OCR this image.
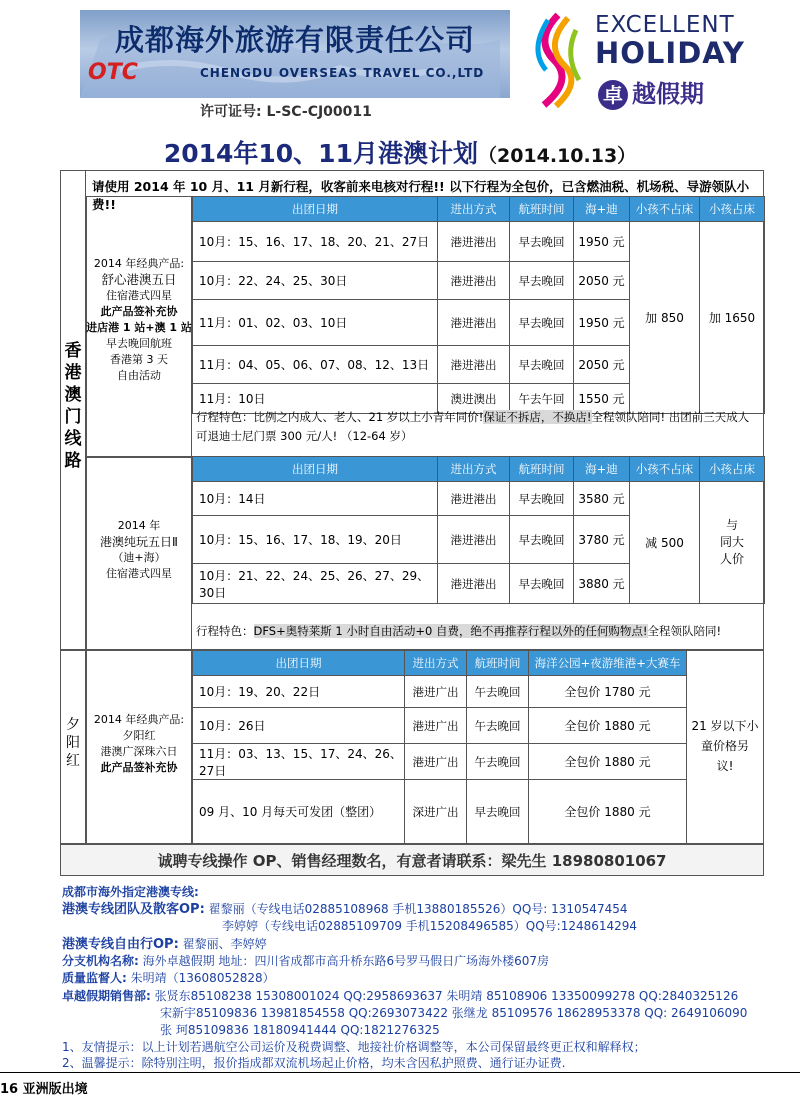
OTC
成都海外旅游有限责任公司
CHENGDU OVERSEAS TRAVEL CO.,LTD
许可证号: L-SC-CJ00011
EXCELLENT
HOLIDAY
卓 越假期
2014年10、11月港澳计划（2014.10.13）
香
港
澳
门
线
路
请使用 2014 年 10 月、11 月新行程，收客前来电核对行程!! 以下行程为全包价，已含燃油税、机场税、导游领队小费!!
2014 年经典产品:
舒心港澳五日
住宿港式四星
此产品签补充协
进店港 1 站+澳 1 站
早去晚回航班
香港第 3 天
自由活动
出团日期	进出方式	航班时间	海+迪	小孩不占床	小孩占床
10月：15、16、17、18、20、21、27日	港进港出	早去晚回	1950 元	加 850	加 1650
10月：22、24、25、30日	港进港出	早去晚回	2050 元		
11月：01、02、03、10日	港进港出	早去晚回	1950 元		
11月：04、05、06、07、08、12、13日	港进港出	早去晚回	2050 元		
11月：10日	澳进澳出	午去午回	1550 元		
行程特色：比例之内成人、老人、21 岁以上小青年同价!保证不拆店，不换店!全程领队陪同! 出团前三天成人可退迪士尼门票 300 元/人! （12-64 岁）
2014 年
港澳纯玩五日Ⅱ
（迪+海）
住宿港式四星
出团日期	进出方式	航班时间	海+迪	小孩不占床	小孩占床
10月：14日	港进港出	早去晚回	3580 元	减 500	与
同大
人价

10月：15、16、17、18、19、20日	港进港出	早去晚回	3780 元		
10月：21、22、24、25、26、27、29、30日	港进港出	早去晚回	3880 元		
行程特色：DFS+奥特莱斯 1 小时自由活动+0 自费，绝不再推荐行程以外的任何购物点!全程领队陪同!
夕
阳
红
2014 年经典产品:
夕阳红
港澳广深珠六日
此产品签补充协
出团日期	进出方式	航班时间	海洋公园+夜游维港+大赛车
10月：19、20、22日	港进广出	午去晚回	全包价 1780 元
10月：26日	港进广出	午去晚回	全包价 1880 元
11月：03、13、15、17、24、26、27日	港进广出	午去晚回	全包价 1880 元
09 月、10 月每天可发团（整团）	深进广出	早去晚回	全包价 1880 元
21 岁以下小
童价格另
议!
诚聘专线操作 OP、销售经理数名，有意者请联系：梁先生 18980801067
成都市海外指定港澳专线:
港澳专线团队及散客OP: 翟黎丽（专线电话02885108968 手机13880185526）QQ号: 1310547454
李婷婷（专线电话02885109709 手机15208496585）QQ号:1248614294
港澳专线自由行OP: 翟黎丽、李婷婷
分支机构名称: 海外卓越假期 地址：四川省成都市高升桥东路6号罗马假日广场海外楼607房
质量监督人: 朱明靖（13608052828）
卓越假期销售部: 张贤东85108238 15308001024 QQ:2958693637 朱明靖 85108906 13350099278 QQ:2840325126
宋新宇85109836 13981854558 QQ:2693073422 张继龙 85109576 18628953378 QQ: 2649106090
张 珂85109836 18180941444 QQ:1821276325
1、友情提示：以上计划若遇航空公司运价及税费调整、地接社价格调整等，本公司保留最终更正权和解释权；
2、温馨提示：除特别注明，报价指成都双流机场起止价格，均未含因私护照费、通行证办证费.
16 亚洲版出境
